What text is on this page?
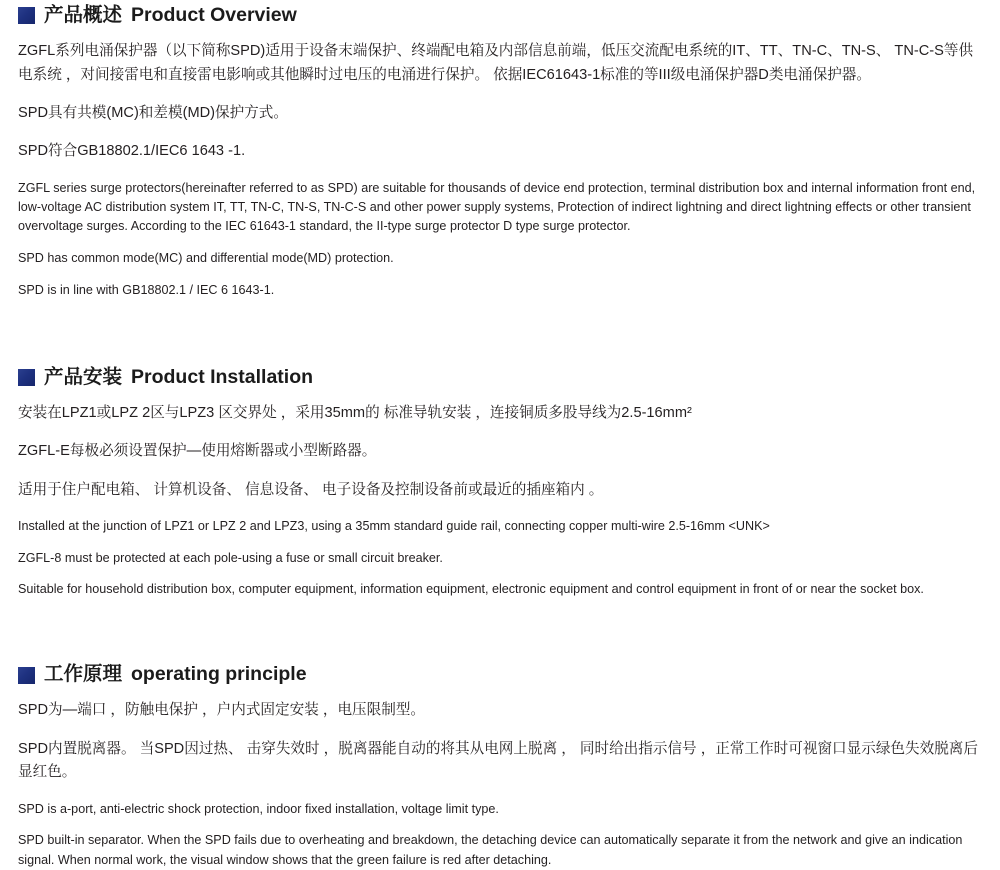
产品概述 Product Overview

ZGFL系列电涌保护器（以下简称SPD)适用于设备末端保护、终端配电箱及内部信息前端，低压交流配电系统的IT、TT、TN-C、TN-S、 TN-C-S等供电系统 ，对间接雷电和直接雷电影响或其他瞬时过电压的电涌进行保护。 依据IEC61643-1标准的等III级电涌保护器D类电涌保护器。

SPD具有共模(MC)和差模(MD)保护方式。

SPD符合GB18802.1/IEC6 1643 -1.

ZGFL series surge protectors(hereinafter referred to as SPD) are suitable for thousands of device end protection, terminal distribution box and internal information front end, low-voltage AC distribution system IT, TT, TN-C, TN-S, TN-C-S and other power supply systems, Protection of indirect lightning and direct lightning effects or other transient overvoltage surges. According to the IEC 61643-1 standard, the II-type surge protector D type surge protector.

SPD has common mode(MC) and differential mode(MD) protection.

SPD is in line with GB18802.1 / IEC 6 1643-1.

产品安装 Product Installation

安装在LPZ1或LPZ 2区与LPZ3 区交界处 ，采用35mm的 标准导轨安装 ，连接铜质多股导线为2.5-16mm²

ZGFL-E每极必须设置保护—使用熔断器或小型断路器。

适用于住户配电箱、 计算机设备、 信息设备、 电子设备及控制设备前或最近的插座箱内 。

Installed at the junction of LPZ1 or LPZ 2 and LPZ3, using a 35mm standard guide rail, connecting copper multi-wire 2.5-16mm <UNK>

ZGFL-8 must be protected at each pole-using a fuse or small circuit breaker.

Suitable for household distribution box, computer equipment, information equipment, electronic equipment and control equipment in front of or near the socket box.

工作原理 operating principle

SPD为—端口 ，防触电保护 ，户内式固定安装 ，电压限制型。

SPD内置脱离器。 当SPD因过热、 击穿失效时 ，脱离器能自动的将其从电网上脱离 ， 同时给出指示信号 ，正常工作时可视窗口显示绿色失效脱离后显红色。

SPD is a-port, anti-electric shock protection, indoor fixed installation, voltage limit type.

SPD built-in separator. When the SPD fails due to overheating and breakdown, the detaching device can automatically separate it from the network and give an indication signal. When normal work, the visual window shows that the green failure is red after detaching.
